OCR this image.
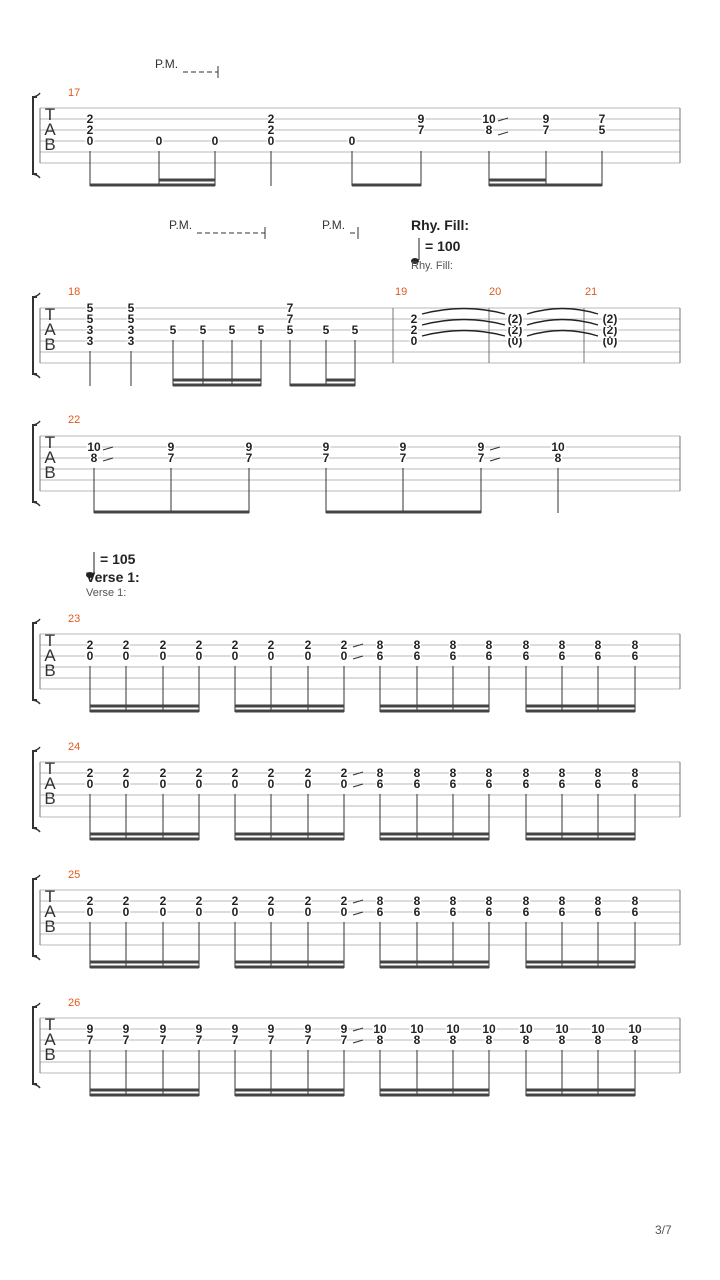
T
A
B
17
P.M.
0
2
2
0	0	0
2
2
0
7
9
8
10
7
9
5
7
T
A
B
18	19	20	21
P.M.	P.M.	Rhy. Fill:
= 100
Rhy. Fill:
3
3
5
5
3
3
5
5
5 5 5 5 5
7
7
5 5
0
2
2
(0)
(2)
(2)
(0)
(2)
(2)
T
A
B
22
8
10
7
9
7
9
7
9
7
9
7
9
8
10
= 105
Verse 1:
Verse 1:
T
A
B
23
2
0
2
0
2
0
2
0
2
0
2
0
2
0
2
0
8
6
8
6
8
6
8
6
8
6
8
6
8
6
8
6
T
A
B
24
2
0
2
0
2
0
2
0
2
0
2
0
2
0
2
0
8
6
8
6
8
6
8
6
8
6
8
6
8
6
8
6
T
A
B
25
2
0
2
0
2
0
2
0
2
0
2
0
2
0
2
0
8
6
8
6
8
6
8
6
8
6
8
6
8
6
8
6
T
A
B
26
9
7
9
7
9
7
9
7
9
7
9
7
9
7
9
7
10
8
10
8
10
8
10
8
10
8
10
8
10
8
10
8
3/7
